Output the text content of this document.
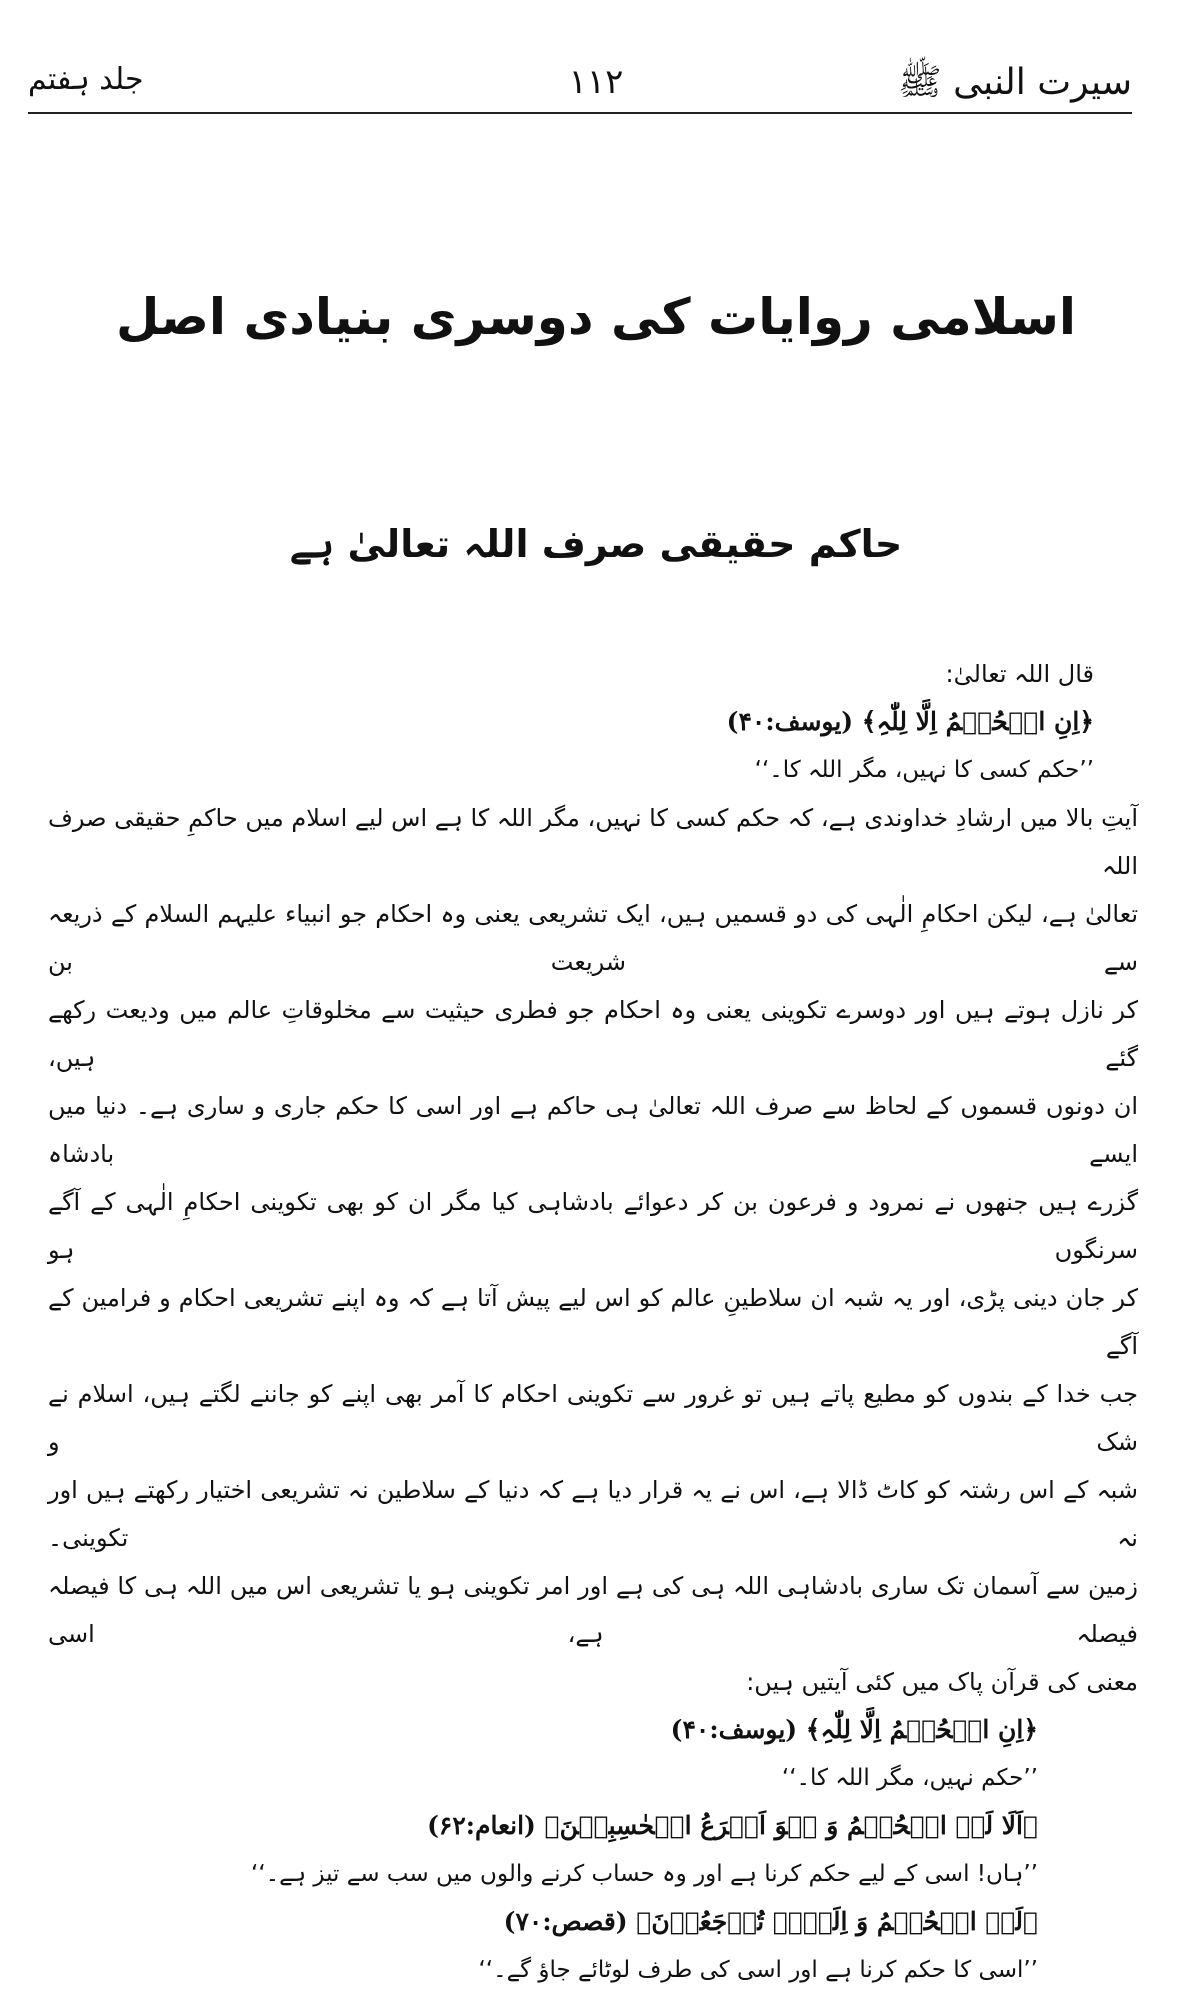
سیرت النبی ﷺ
۱۱۲
جلد ہفتم
اسلامی روایات کی دوسری بنیادی اصل
حاکم حقیقی صرف اللہ تعالیٰ ہے
قال اللہ تعالیٰ:
﴿اِنِ الۡحُکۡمُ اِلَّا لِلّٰہِ﴾ (یوسف:۴۰)
’’حکم کسی کا نہیں، مگر اللہ کا۔‘‘
آیتِ بالا میں ارشادِ خداوندی ہے، کہ حکم کسی کا نہیں، مگر اللہ کا ہے اس لیے اسلام میں حاکمِ حقیقی صرف اللہ
تعالیٰ ہے، لیکن احکامِ الٰہی کی دو قسمیں ہیں، ایک تشریعی یعنی وہ احکام جو انبیاء علیہم السلام کے ذریعہ سے شریعت بن
کر نازل ہوتے ہیں اور دوسرے تکوینی یعنی وہ احکام جو فطری حیثیت سے مخلوقاتِ عالم میں ودیعت رکھے گئے ہیں،
ان دونوں قسموں کے لحاظ سے صرف اللہ تعالیٰ ہی حاکم ہے اور اسی کا حکم جاری و ساری ہے۔ دنیا میں ایسے بادشاہ
گزرے ہیں جنھوں نے نمرود و فرعون بن کر دعوائے بادشاہی کیا مگر ان کو بھی تکوینی احکامِ الٰہی کے آگے سرنگوں ہو
کر جان دینی پڑی، اور یہ شبہ ان سلاطینِ عالم کو اس لیے پیش آتا ہے کہ وہ اپنے تشریعی احکام و فرامین کے آگے
جب خدا کے بندوں کو مطیع پاتے ہیں تو غرور سے تکوینی احکام کا آمر بھی اپنے کو جاننے لگتے ہیں، اسلام نے شک و
شبہ کے اس رشتہ کو کاٹ ڈالا ہے، اس نے یہ قرار دیا ہے کہ دنیا کے سلاطین نہ تشریعی اختیار رکھتے ہیں اور نہ تکوینی۔
زمین سے آسمان تک ساری بادشاہی اللہ ہی کی ہے اور امر تکوینی ہو یا تشریعی اس میں اللہ ہی کا فیصلہ فیصلہ ہے، اسی
معنی کی قرآن پاک میں کئی آیتیں ہیں:
﴿اِنِ الۡحُکۡمُ اِلَّا لِلّٰہِ﴾ (یوسف:۴۰)
’’حکم نہیں، مگر اللہ کا۔‘‘
﴿اَلَا لَہُ الۡحُکۡمُ وَ ہُوَ اَسۡرَعُ الۡحٰسِبِیۡنَ﴾ (انعام:۶۲)
’’ہاں! اسی کے لیے حکم کرنا ہے اور وہ حساب کرنے والوں میں سب سے تیز ہے۔‘‘
﴿لَہُ الۡحُکۡمُ وَ اِلَیۡہِ تُرۡجَعُوۡنَ﴾ (قصص:۷۰)
’’اسی کا حکم کرنا ہے اور اسی کی طرف لوٹائے جاؤ گے۔‘‘
